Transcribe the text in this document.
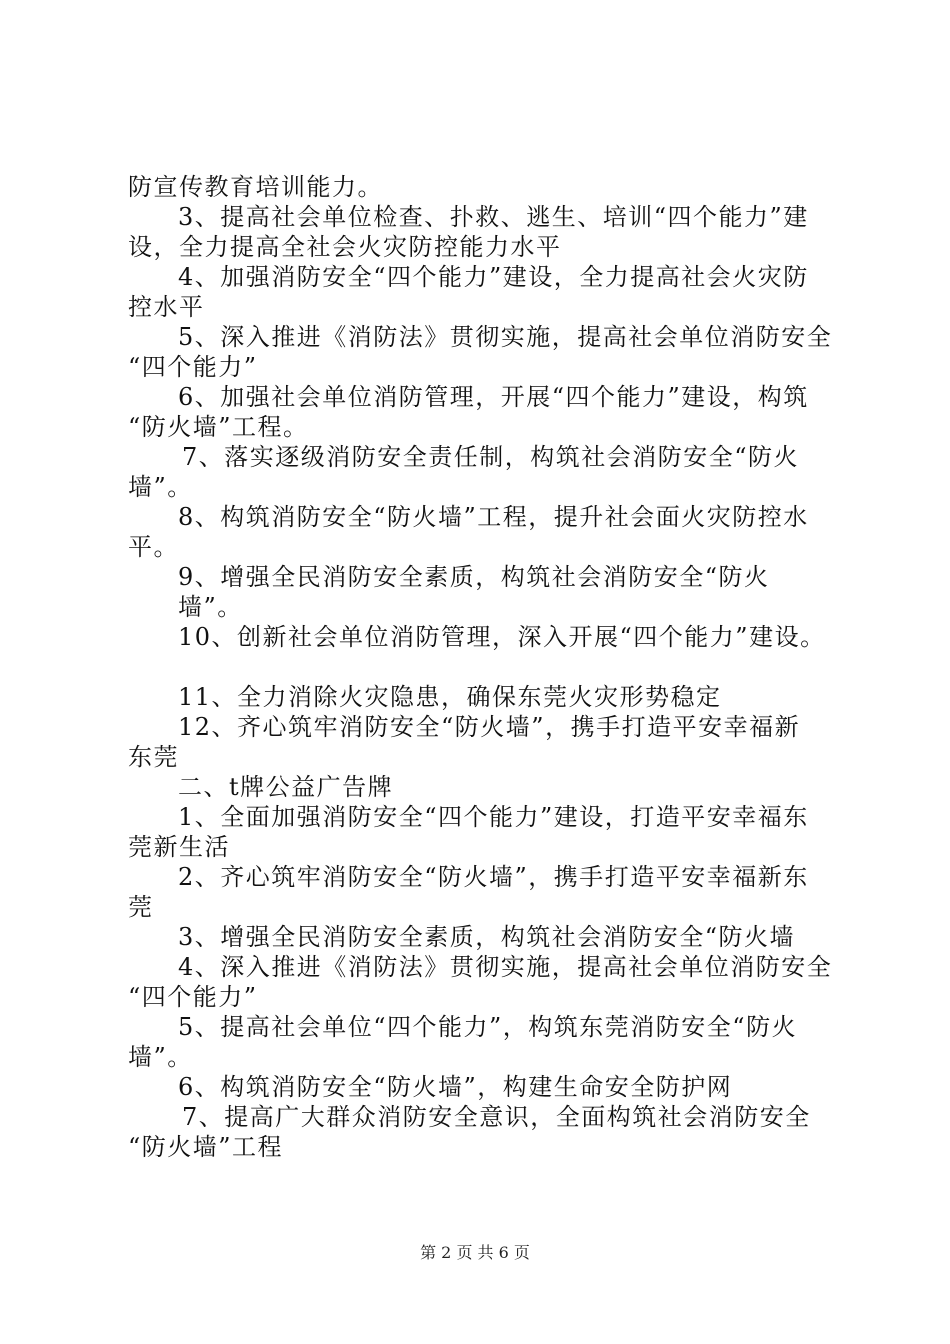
防宣传教育培训能力。
3、提高社会单位检查、扑救、逃生、培训“四个能力”建
设，全力提高全社会火灾防控能力水平
4、加强消防安全“四个能力”建设，全力提高社会火灾防
控水平
5、深入推进《消防法》贯彻实施，提高社会单位消防安全
“四个能力”
6、加强社会单位消防管理，开展“四个能力”建设，构筑
“防火墙”工程。
7、落实逐级消防安全责任制，构筑社会消防安全“防火
墙”。
8、构筑消防安全“防火墙”工程，提升社会面火灾防控水
平。
9、增强全民消防安全素质，构筑社会消防安全“防火
墙”。
10、创新社会单位消防管理，深入开展“四个能力”建设。
11、全力消除火灾隐患，确保东莞火灾形势稳定
12、齐心筑牢消防安全“防火墙”，携手打造平安幸福新
东莞
二、t牌公益广告牌
1、全面加强消防安全“四个能力”建设，打造平安幸福东
莞新生活
2、齐心筑牢消防安全“防火墙”，携手打造平安幸福新东
莞
3、增强全民消防安全素质，构筑社会消防安全“防火墙
4、深入推进《消防法》贯彻实施，提高社会单位消防安全
“四个能力”
5、提高社会单位“四个能力”，构筑东莞消防安全“防火
墙”。
6、构筑消防安全“防火墙”，构建生命安全防护网
7、提高广大群众消防安全意识，全面构筑社会消防安全
“防火墙”工程
第 2 页 共 6 页
